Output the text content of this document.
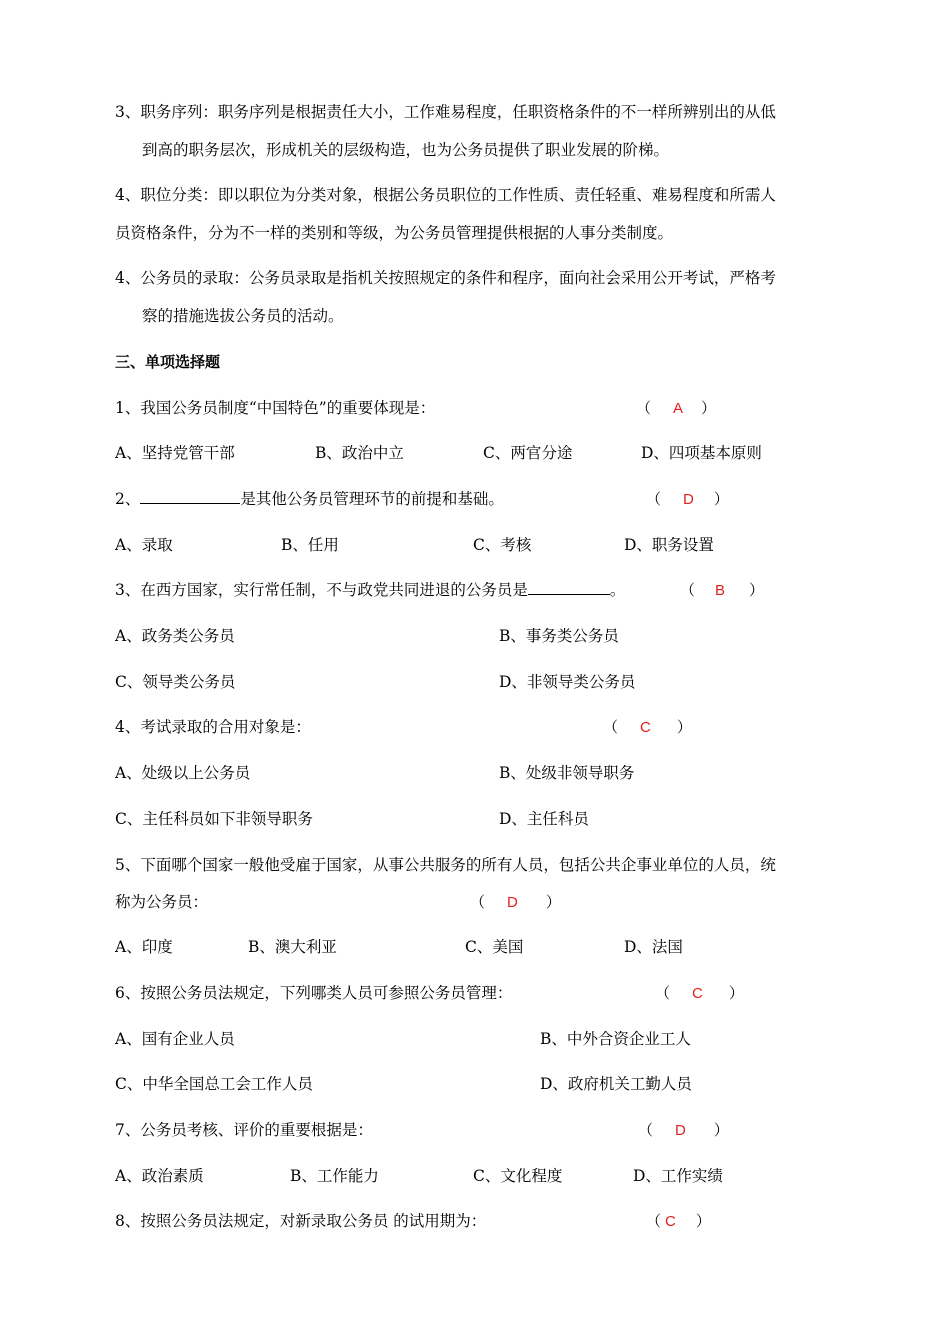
3、职务序列：职务序列是根据责任大小，工作难易程度，任职资格条件的不一样所辨别出的从低
到高的职务层次，形成机关的层级构造，也为公务员提供了职业发展的阶梯。
4、职位分类：即以职位为分类对象，根据公务员职位的工作性质、责任轻重、难易程度和所需人
员资格条件，分为不一样的类别和等级，为公务员管理提供根据的人事分类制度。
4、公务员的录取：公务员录取是指机关按照规定的条件和程序，面向社会采用公开考试，严格考
察的措施选拔公务员的活动。
三、单项选择题
1、我国公务员制度“中国特色”的重要体现是：	（ A ）
A、坚持党管干部	B、政治中立	C、两官分途	D、四项基本原则
2、	是其他公务员管理环节的前提和基础。	（ D ）
A、录取	B、任用	C、考核	D、职务设置
3、在西方国家，实行常任制，不与政党共同进退的公务员是	。	（ B ）
A、政务类公务员	B、事务类公务员
C、领导类公务员	D、非领导类公务员
4、考试录取的合用对象是：	（ C ）
A、处级以上公务员	B、处级非领导职务
C、主任科员如下非领导职务	D、主任科员
5、下面哪个国家一般他受雇于国家，从事公共服务的所有人员，包括公共企事业单位的人员，统
称为公务员：	（ D ）
A、印度	B、澳大利亚	C、美国	D、法国
6、按照公务员法规定，下列哪类人员可参照公务员管理：	（ C ）
A、国有企业人员	B、中外合资企业工人
C、中华全国总工会工作人员	D、政府机关工勤人员
7、公务员考核、评价的重要根据是：	（ D ）
A、政治素质	B、工作能力	C、文化程度	D、工作实绩
8、按照公务员法规定，对新录取公务员 的试用期为：	（ C ）
